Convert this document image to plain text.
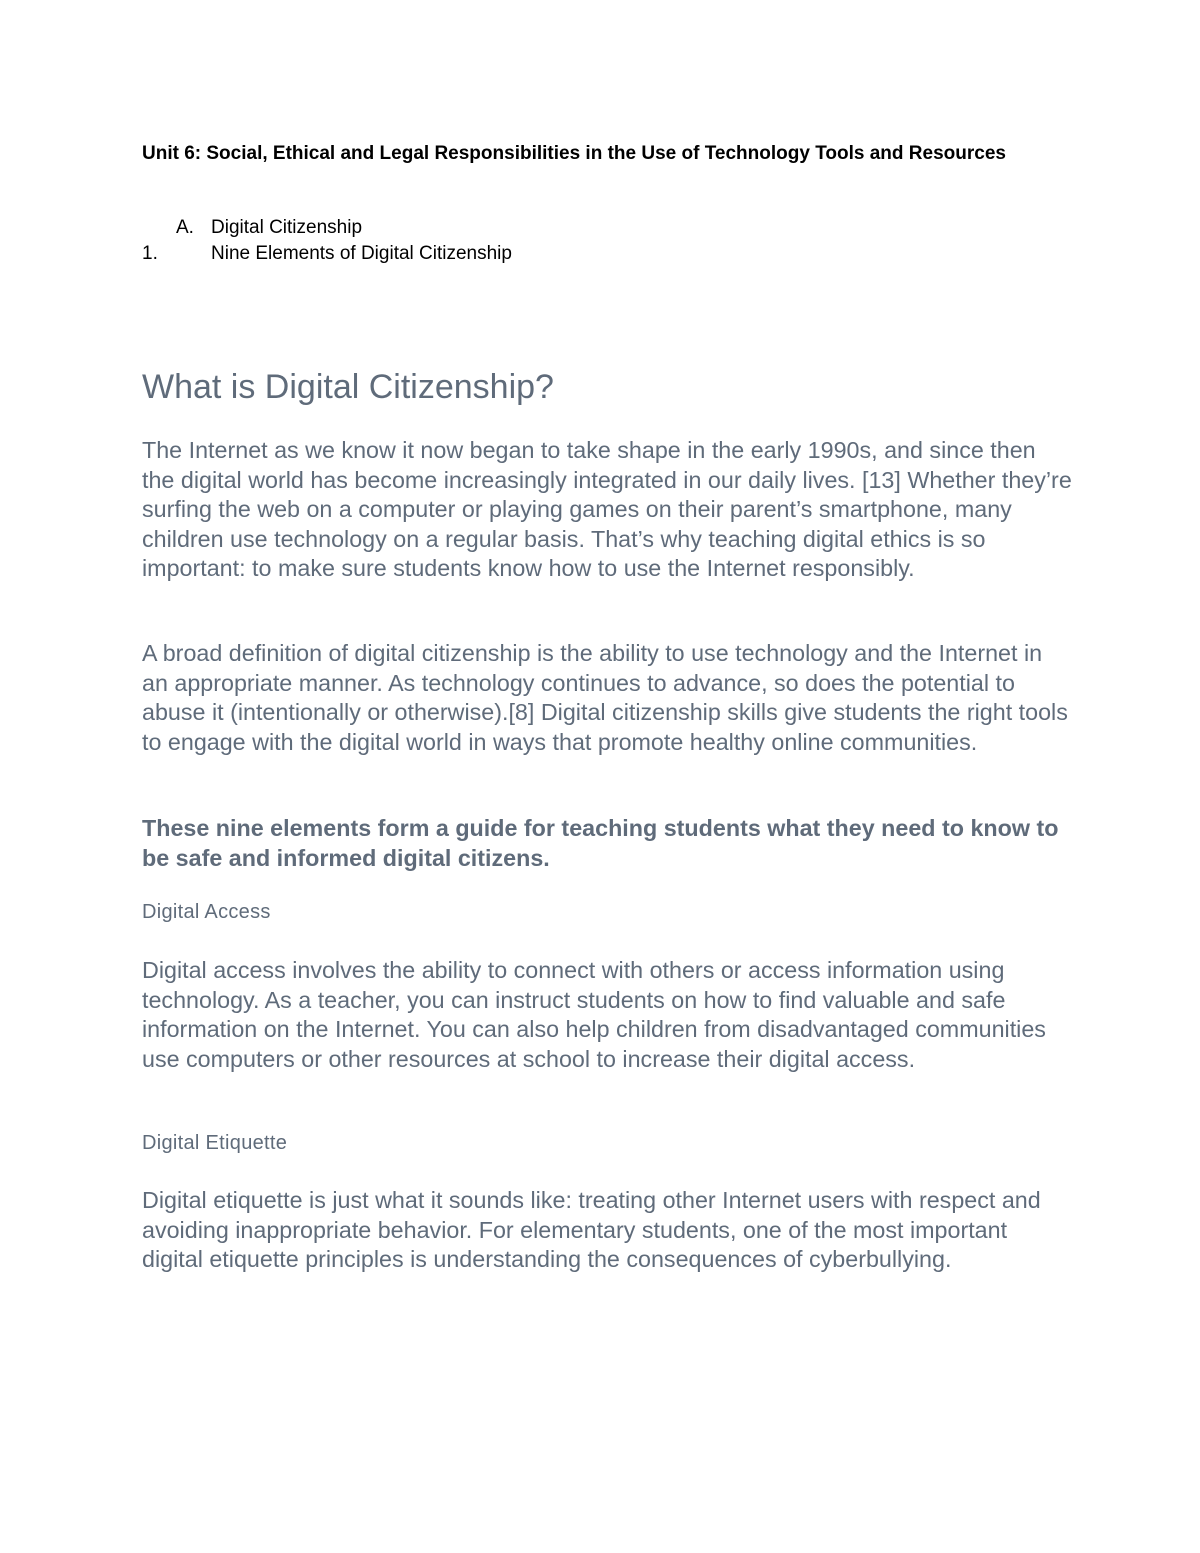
Unit 6: Social, Ethical and Legal Responsibilities in the Use of Technology Tools and Resources

A. Digital Citizenship
1.	Nine Elements of Digital Citizenship
What is Digital Citizenship?

The Internet as we know it now began to take shape in the early 1990s, and since then the digital world has become increasingly integrated in our daily lives. [13] Whether they’re surfing the web on a computer or playing games on their parent’s smartphone, many children use technology on a regular basis. That’s why teaching digital ethics is so important: to make sure students know how to use the Internet responsibly.

A broad definition of digital citizenship is the ability to use technology and the Internet in an appropriate manner. As technology continues to advance, so does the potential to abuse it (intentionally or otherwise).[8] Digital citizenship skills give students the right tools to engage with the digital world in ways that promote healthy online communities.

These nine elements form a guide for teaching students what they need to know to be safe and informed digital citizens.

Digital Access

Digital access involves the ability to connect with others or access information using technology. As a teacher, you can instruct students on how to find valuable and safe information on the Internet. You can also help children from disadvantaged communities use computers or other resources at school to increase their digital access.

Digital Etiquette

Digital etiquette is just what it sounds like: treating other Internet users with respect and avoiding inappropriate behavior. For elementary students, one of the most important digital etiquette principles is understanding the consequences of cyberbullying.
